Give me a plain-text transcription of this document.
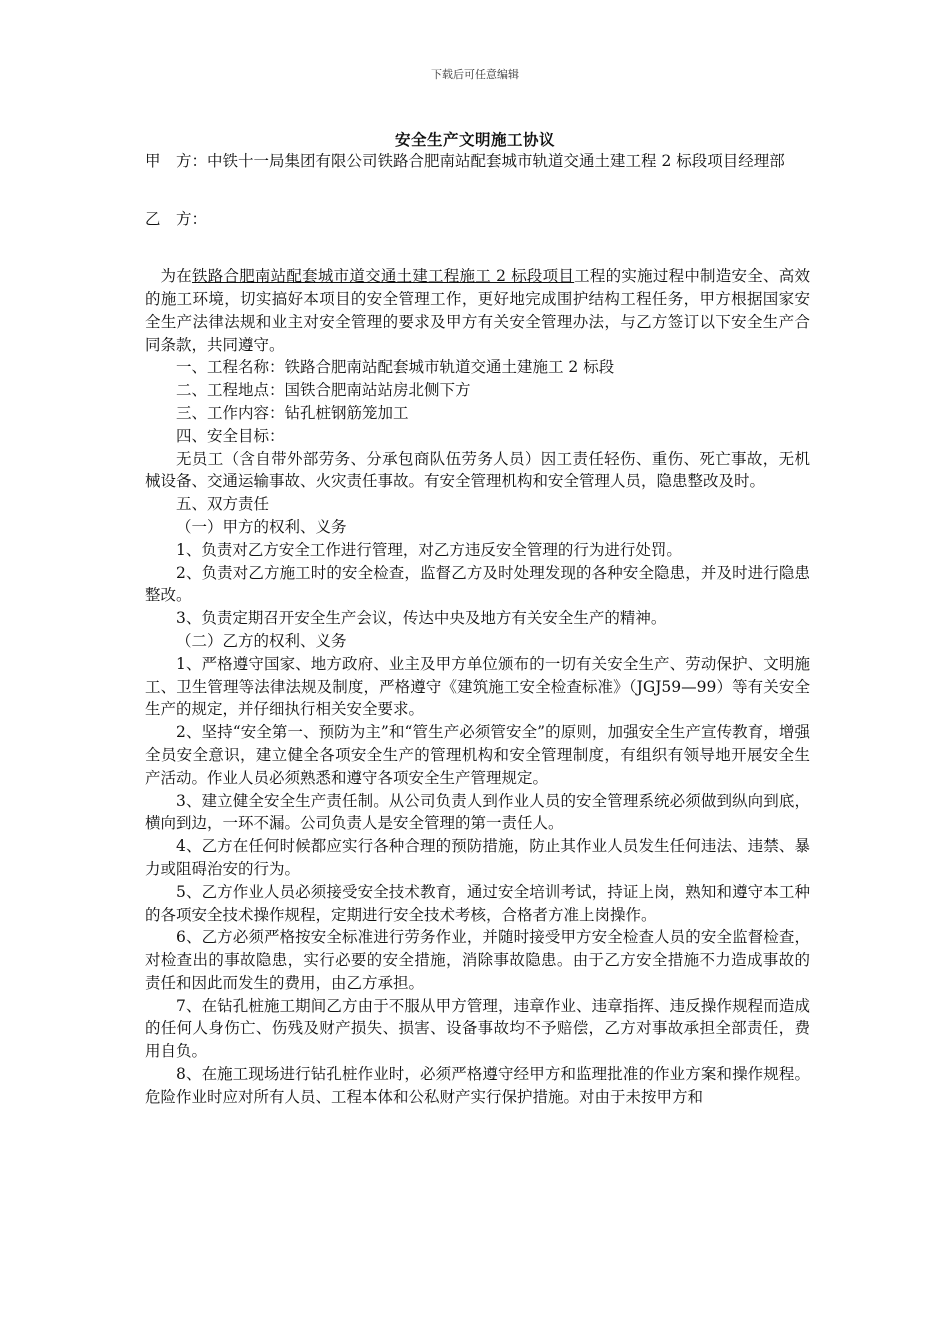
下载后可任意编辑
安全生产文明施工协议

甲　方：中铁十一局集团有限公司铁路合肥南站配套城市轨道交通土建工程 2 标段项目经理部

乙　方：

为在铁路合肥南站配套城市道交通土建工程施工 2 标段项目工程的实施过程中制造安全、高效的施工环境，切实搞好本项目的安全管理工作，更好地完成围护结构工程任务，甲方根据国家安全生产法律法规和业主对安全管理的要求及甲方有关安全管理办法，与乙方签订以下安全生产合同条款，共同遵守。

一、工程名称：铁路合肥南站配套城市轨道交通土建施工 2 标段

二、工程地点：国铁合肥南站站房北侧下方

三、工作内容：钻孔桩钢筋笼加工

四、安全目标：

无员工（含自带外部劳务、分承包商队伍劳务人员）因工责任轻伤、重伤、死亡事故，无机械设备、交通运输事故、火灾责任事故。有安全管理机构和安全管理人员，隐患整改及时。

五、双方责任

（一）甲方的权利、义务

1、负责对乙方安全工作进行管理，对乙方违反安全管理的行为进行处罚。

2、负责对乙方施工时的安全检查，监督乙方及时处理发现的各种安全隐患，并及时进行隐患整改。

3、负责定期召开安全生产会议，传达中央及地方有关安全生产的精神。

（二）乙方的权利、义务

1、严格遵守国家、地方政府、业主及甲方单位颁布的一切有关安全生产、劳动保护、文明施工、卫生管理等法律法规及制度，严格遵守《建筑施工安全检查标准》（JGJ59—99）等有关安全生产的规定，并仔细执行相关安全要求。

2、坚持“安全第一、预防为主”和“管生产必须管安全”的原则，加强安全生产宣传教育，增强全员安全意识，建立健全各项安全生产的管理机构和安全管理制度，有组织有领导地开展安全生产活动。作业人员必须熟悉和遵守各项安全生产管理规定。

3、建立健全安全生产责任制。从公司负责人到作业人员的安全管理系统必须做到纵向到底，横向到边，一环不漏。公司负责人是安全管理的第一责任人。

4、乙方在任何时候都应实行各种合理的预防措施，防止其作业人员发生任何违法、违禁、暴力或阻碍治安的行为。

5、乙方作业人员必须接受安全技术教育，通过安全培训考试，持证上岗，熟知和遵守本工种的各项安全技术操作规程，定期进行安全技术考核，合格者方准上岗操作。

6、乙方必须严格按安全标准进行劳务作业，并随时接受甲方安全检查人员的安全监督检查，对检查出的事故隐患，实行必要的安全措施，消除事故隐患。由于乙方安全措施不力造成事故的责任和因此而发生的费用，由乙方承担。

7、在钻孔桩施工期间乙方由于不服从甲方管理，违章作业、违章指挥、违反操作规程而造成的任何人身伤亡、伤残及财产损失、损害、设备事故均不予赔偿，乙方对事故承担全部责任，费用自负。

8、在施工现场进行钻孔桩作业时，必须严格遵守经甲方和监理批准的作业方案和操作规程。危险作业时应对所有人员、工程本体和公私财产实行保护措施。对由于未按甲方和
